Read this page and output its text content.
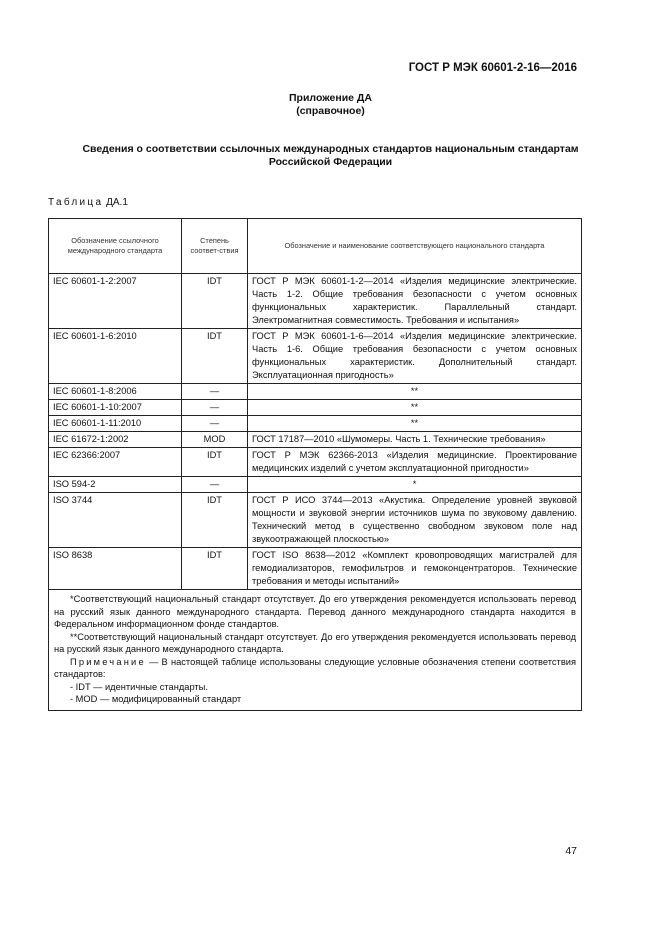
ГОСТ Р МЭК 60601-2-16—2016
Приложение ДА
(справочное)
Сведения о соответствии ссылочных международных стандартов национальным стандартам
Российской Федерации
Таблица ДА.1
Обозначение ссылочного международного стандарта	Степень соответ-ствия	Обозначение и наименование соответствующего национального стандарта
IEC 60601-1-2:2007	IDT	ГОСТ Р МЭК 60601-1-2—2014 «Изделия медицинские электрические. Часть 1-2. Общие требования безопасности с учетом основных функциональных характеристик. Параллельный стандарт. Электромагнитная совместимость. Требования и испытания»
IEC 60601-1-6:2010	IDT	ГОСТ Р МЭК 60601-1-6—2014 «Изделия медицинские электрические. Часть 1-6. Общие требования безопасности с учетом основных функциональных характеристик. Дополнительный стандарт. Эксплуатационная пригодность»
IEC 60601-1-8:2006	—	**
IEC 60601-1-10:2007	—	**
IEC 60601-1-11:2010	—	**
IEC 61672-1:2002	MOD	ГОСТ 17187—2010 «Шумомеры. Часть 1. Технические требования»
IEC 62366:2007	IDT	ГОСТ Р МЭК 62366-2013 «Изделия медицинские. Проектирование медицинских изделий с учетом эксплуатационной пригодности»
ISO 594-2	—	*
ISO 3744	IDT	ГОСТ Р ИСО 3744—2013 «Акустика. Определение уровней звуковой мощности и звуковой энергии источников шума по звуковому давлению. Технический метод в существенно свободном звуковом поле над звукоотражающей плоскостью»
ISO 8638	IDT	ГОСТ ISO 8638—2012 «Комплект кровопроводящих магистралей для гемодиализаторов, гемофильтров и гемоконцентраторов. Технические требования и методы испытаний»

*Соответствующий национальный стандарт отсутствует. До его утверждения рекомендуется использовать перевод на русский язык данного международного стандарта. Перевод данного международного стандарта находится в Федеральном информационном фонде стандартов.
**Соответствующий национальный стандарт отсутствует. До его утверждения рекомендуется использовать перевод на русский язык данного международного стандарта.
Примечание — В настоящей таблице использованы следующие условные обозначения степени соответствия стандартов:
- IDT — идентичные стандарты.
- MOD — модифицированный стандарт		
47
